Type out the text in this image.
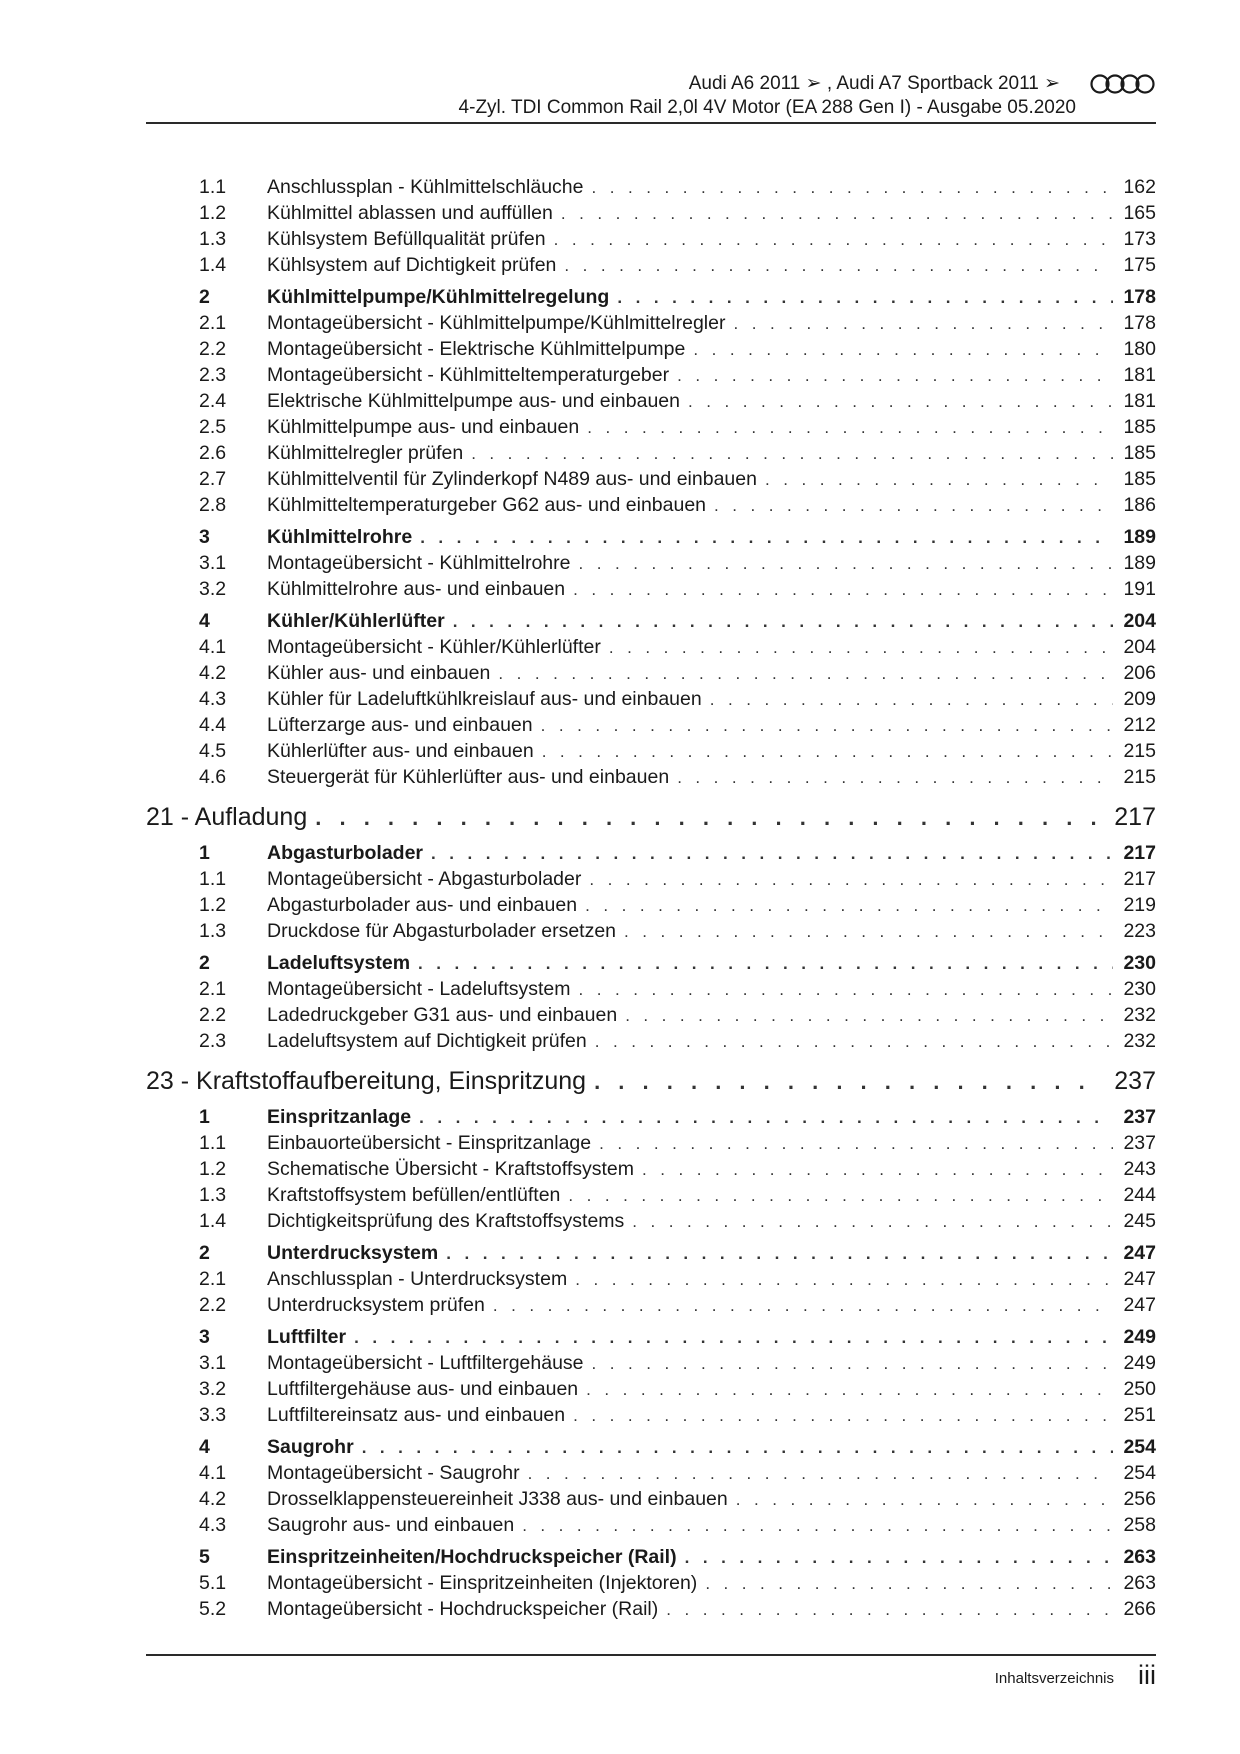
Audi A6 2011 ➢ , Audi A7 Sportback 2011 ➢
4-Zyl. TDI Common Rail 2,0l 4V Motor (EA 288 Gen I) - Ausgabe 05.2020
1.1	Anschlussplan - Kühlmittelschläuche . . .	162
1.2	Kühlmittel ablassen und auffüllen . . .	165
1.3	Kühlsystem Befüllqualität prüfen . . .	173
1.4	Kühlsystem auf Dichtigkeit prüfen . . .	175
2	Kühlmittelpumpe/Kühlmittelregelung . . .	178
2.1	Montageübersicht - Kühlmittelpumpe/Kühlmittelregler . . .	178
2.2	Montageübersicht - Elektrische Kühlmittelpumpe . . .	180
2.3	Montageübersicht - Kühlmitteltemperaturgeber . . .	181
2.4	Elektrische Kühlmittelpumpe aus- und einbauen . . .	181
2.5	Kühlmittelpumpe aus- und einbauen . . .	185
2.6	Kühlmittelregler prüfen . . .	185
2.7	Kühlmittelventil für Zylinderkopf N489 aus- und einbauen . . .	185
2.8	Kühlmitteltemperaturgeber G62 aus- und einbauen . . .	186
3	Kühlmittelrohre . . .	189
3.1	Montageübersicht - Kühlmittelrohre . . .	189
3.2	Kühlmittelrohre aus- und einbauen . . .	191
4	Kühler/Kühlerlüfter . . .	204
4.1	Montageübersicht - Kühler/Kühlerlüfter . . .	204
4.2	Kühler aus- und einbauen . . .	206
4.3	Kühler für Ladeluftkühlkreislauf aus- und einbauen . . .	209
4.4	Lüfterzarge aus- und einbauen . . .	212
4.5	Kühlerlüfter aus- und einbauen . . .	215
4.6	Steuergerät für Kühlerlüfter aus- und einbauen . . .	215
21 - Aufladung . . .	217
1	Abgasturbolader . . .	217
1.1	Montageübersicht - Abgasturbolader . . .	217
1.2	Abgasturbolader aus- und einbauen . . .	219
1.3	Druckdose für Abgasturbolader ersetzen . . .	223
2	Ladeluftsystem . . .	230
2.1	Montageübersicht - Ladeluftsystem . . .	230
2.2	Ladedruckgeber G31 aus- und einbauen . . .	232
2.3	Ladeluftsystem auf Dichtigkeit prüfen . . .	232
23 - Kraftstoffaufbereitung, Einspritzung . . .	237
1	Einspritzanlage . . .	237
1.1	Einbauorteübersicht - Einspritzanlage . . .	237
1.2	Schematische Übersicht - Kraftstoffsystem . . .	243
1.3	Kraftstoffsystem befüllen/entlüften . . .	244
1.4	Dichtigkeitsprüfung des Kraftstoffsystems . . .	245
2	Unterdrucksystem . . .	247
2.1	Anschlussplan - Unterdrucksystem . . .	247
2.2	Unterdrucksystem prüfen . . .	247
3	Luftfilter . . .	249
3.1	Montageübersicht - Luftfiltergehäuse . . .	249
3.2	Luftfiltergehäuse aus- und einbauen . . .	250
3.3	Luftfiltereinsatz aus- und einbauen . . .	251
4	Saugrohr . . .	254
4.1	Montageübersicht - Saugrohr . . .	254
4.2	Drosselklappensteuereinheit J338 aus- und einbauen . . .	256
4.3	Saugrohr aus- und einbauen . . .	258
5	Einspritzeinheiten/Hochdruckspeicher (Rail) . . .	263
5.1	Montageübersicht - Einspritzeinheiten (Injektoren) . . .	263
5.2	Montageübersicht - Hochdruckspeicher (Rail) . . .	266
Inhaltsverzeichnis iii
